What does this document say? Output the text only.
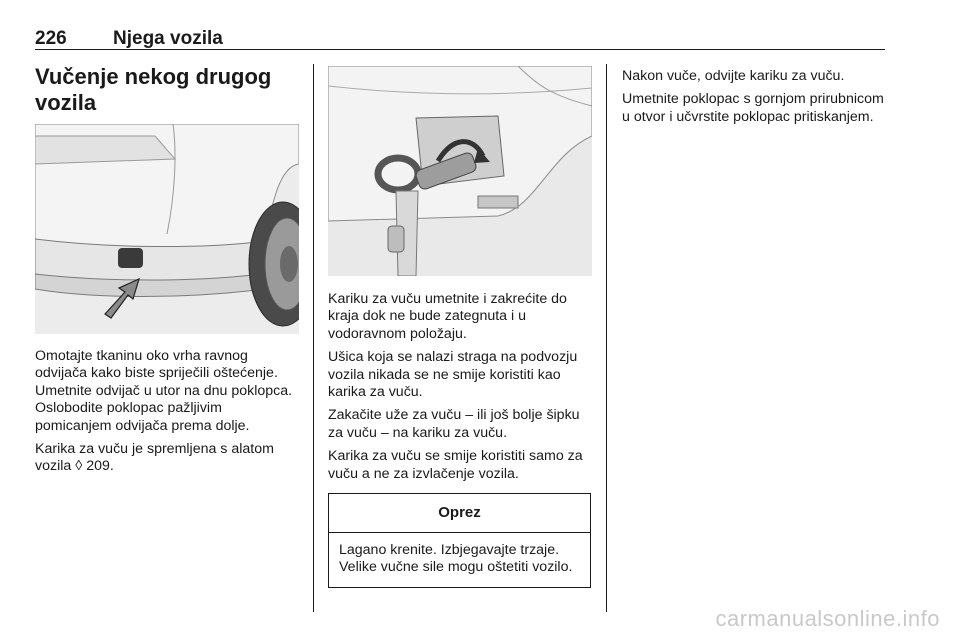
226 Njega vozila
Vučenje nekog drugog vozila

Omotajte tkaninu oko vrha ravnog odvijača kako biste spriječili oštećenje. Umetnite odvijač u utor na dnu poklopca. Oslobodite poklopac pažljivim pomicanjem odvijača prema dolje.

Karika za vuču je spremljena s alatom vozila ◊ 209.

Kariku za vuču umetnite i zakrećite do kraja dok ne bude zategnuta i u vodoravnom položaju.

Ušica koja se nalazi straga na podvozju vozila nikada se ne smije koristiti kao karika za vuču.

Zakačite uže za vuču – ili još bolje šipku za vuču – na kariku za vuču.

Karika za vuču se smije koristiti samo za vuču a ne za izvlačenje vozila.

Oprez
Lagano krenite. Izbjegavajte trzaje. Velike vučne sile mogu oštetiti vozilo.

Nakon vuče, odvijte kariku za vuču.

Umetnite poklopac s gornjom prirubnicom u otvor i učvrstite poklopac pritiskanjem.

carmanualsonline.info
